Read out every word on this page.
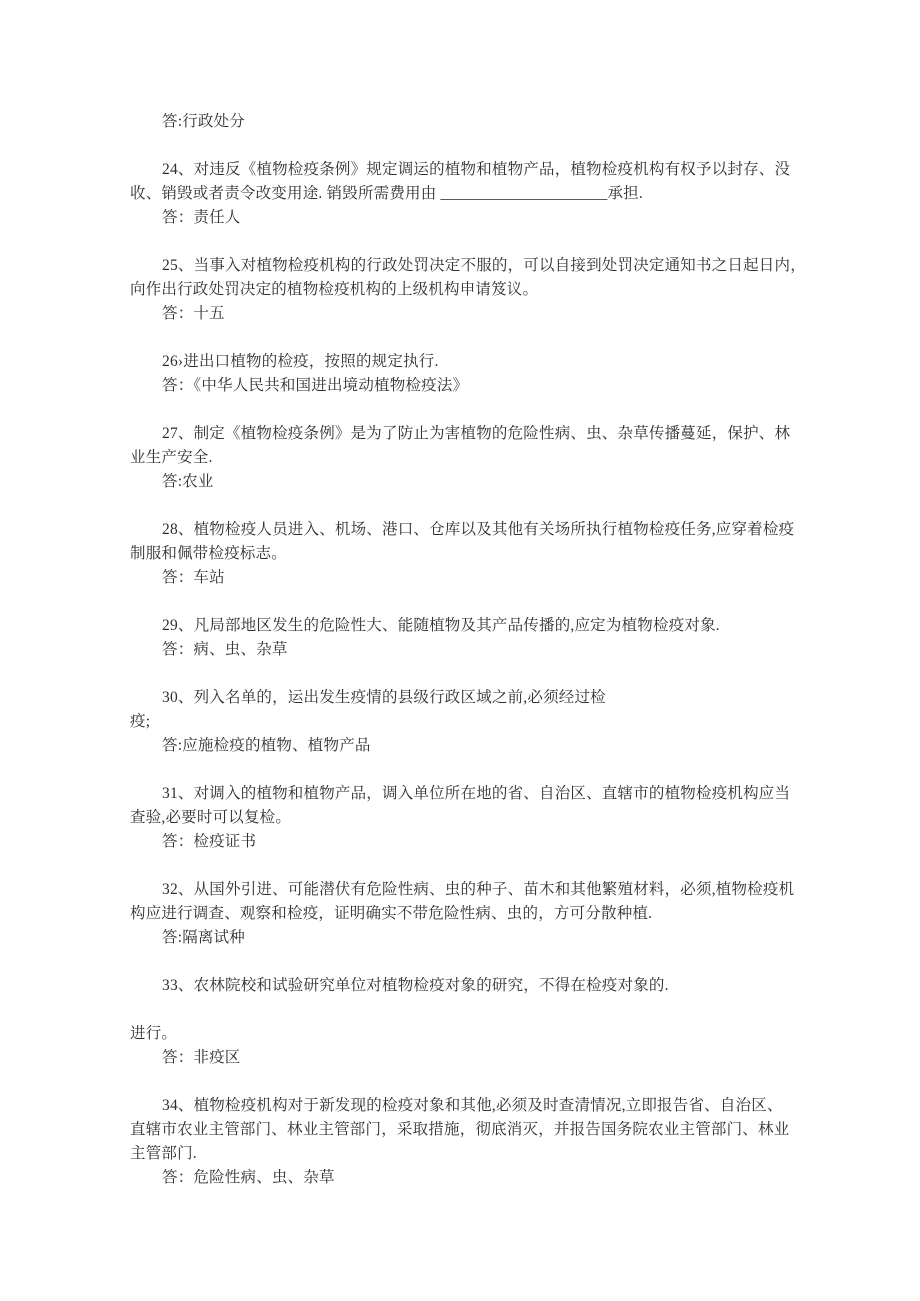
答:行政处分
24、对违反《植物检疫条例》规定调运的植物和植物产品，植物检疫机构有权予以封存、没
收、销毁或者责令改变用途. 销毁所需费用由 _____________________承担.
答：责任人
25、当事入对植物检疫机构的行政处罚决定不服的，可以自接到处罚决定通知书之日起日内，
向作出行政处罚决定的植物检疫机构的上级机构申请笈议。
答：十五
26›进出口植物的检疫，按照的规定执行.
答：《中华人民共和国进出境动植物检疫法》
27、制定《植物检疫条例》是为了防止为害植物的危险性病、虫、杂草传播蔓延，保护、林
业生产安全.
答:农业
28、植物检疫人员进入、机场、港口、仓库以及其他有关场所执行植物检疫任务,应穿着检疫
制服和佩带检疫标志。
答：车站
29、凡局部地区发生的危险性大、能随植物及其产品传播的,应定为植物检疫对象.
答：病、虫、杂草
30、列入名单的，运出发生疫情的县级行政区域之前,必须经过检
疫;
答:应施检疫的植物、植物产品
31、对调入的植物和植物产品，调入单位所在地的省、自治区、直辖市的植物检疫机构应当
查验,必要时可以复检。
答：检疫证书
32、从国外引进、可能潜伏有危险性病、虫的种子、苗木和其他繁殖材料，必须,植物检疫机
构应进行调查、观察和检疫，证明确实不带危险性病、虫的，方可分散种植.
答:隔离试种
33、农林院校和试验研究单位对植物检疫对象的研究，不得在检疫对象的.
进行。
答：非疫区
34、植物检疫机构对于新发现的检疫对象和其他,必须及时查清情况,立即报告省、自治区、
直辖市农业主管部门、林业主管部门，采取措施，彻底消灭，并报告国务院农业主管部门、林业
主管部门.
答：危险性病、虫、杂草
